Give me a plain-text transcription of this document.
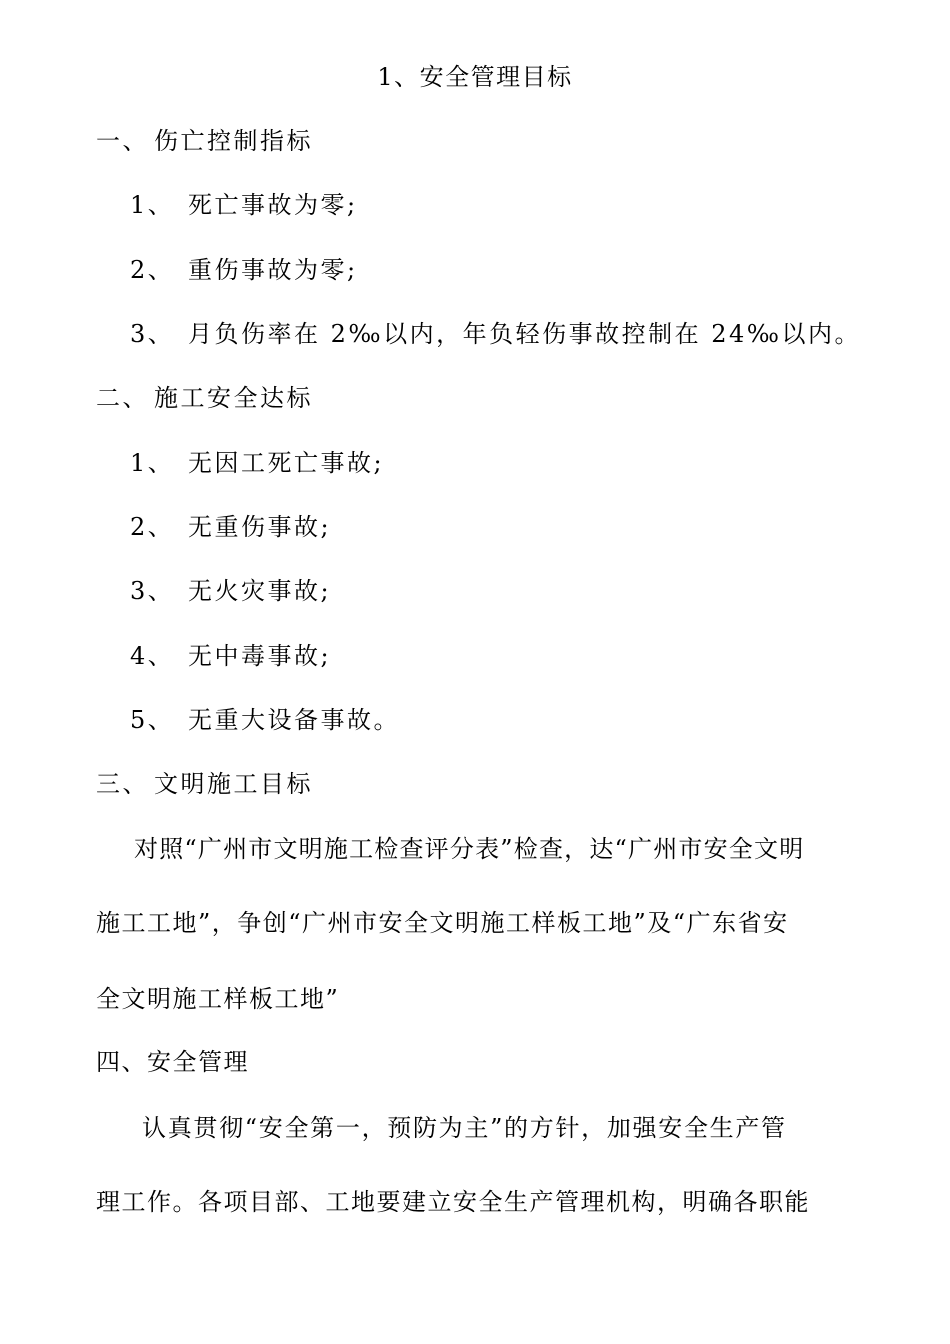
1、安全管理目标
一、 伤亡控制指标
1、 死亡事故为零;
2、 重伤事故为零;
3、 月负伤率在 2‰以内，年负轻伤事故控制在 24‰以内。
二、 施工安全达标
1、 无因工死亡事故;
2、 无重伤事故;
3、 无火灾事故;
4、 无中毒事故;
5、 无重大设备事故。
三、 文明施工目标
对照“广州市文明施工检查评分表”检查，达“广州市安全文明
施工工地”，争创“广州市安全文明施工样板工地”及“广东省安
全文明施工样板工地”
四、安全管理
认真贯彻“安全第一，预防为主”的方针，加强安全生产管
理工作。各项目部、工地要建立安全生产管理机构，明确各职能
